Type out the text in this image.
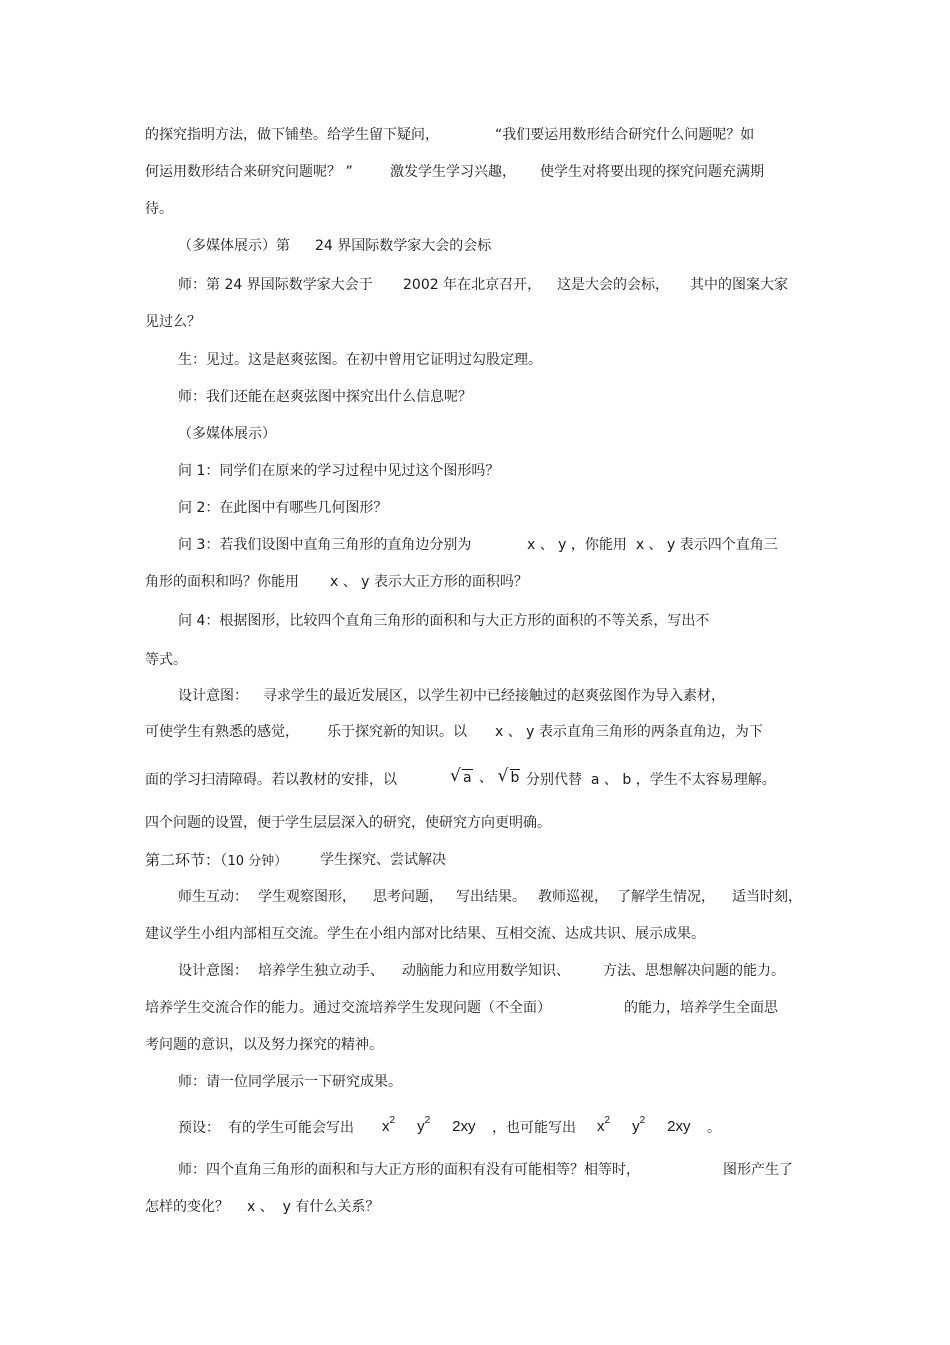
的探究指明方法，做下铺垫。给学生留下疑问，	“我们要运用数形结合研究什么问题呢？如
何运用数形结合来研究问题呢？ ”	激发学生学习兴趣， 使学生对将要出现的探究问题充满期
待。
（多媒体展示）第 24 界国际数学家大会的会标
师：第 24 界国际数学家大会于 2002 年在北京召开， 这是大会的会标， 其中的图案大家
见过么？
生：见过。这是赵爽弦图。在初中曾用它证明过勾股定理。
师：我们还能在赵爽弦图中探究出什么信息呢？
（多媒体展示）
问 1：同学们在原来的学习过程中见过这个图形吗？
问 2：在此图中有哪些几何图形？
问 3：若我们设图中直角三角形的直角边分别为	x 、 y ，你能用  x 、 y 表示四个直角三
角形的面积和吗？你能用 x 、 y 表示大正方形的面积吗？
问 4：根据图形，比较四个直角三角形的面积和与大正方形的面积的不等关系，写出不
等式。
设计意图： 寻求学生的最近发展区，以学生初中已经接触过的赵爽弦图作为导入素材，
可使学生有熟悉的感觉， 乐于探究新的知识。以 x 、 y 表示直角三角形的两条直角边，为下
面的学习扫清障碍。若以教材的安排，以	√ a 、 √ b 分别代替  a 、 b ，学生不太容易理解。
四个问题的设置，便于学生层层深入的研究，使研究方向更明确。
第二环节：（10 分钟） 学生探究、尝试解决
师生互动： 学生观察图形， 思考问题， 写出结果。 教师巡视， 了解学生情况， 适当时刻，
建议学生小组内部相互交流。学生在小组内部对比结果、互相交流、达成共识、展示成果。
设计意图： 培养学生独立动手、 动脑能力和应用数学知识、 方法、思想解决问题的能力。
培养学生交流合作的能力。通过交流培养学生发现问题（不全面）	的能力，培养学生全面思
考问题的意识，以及努力探究的精神。
师：请一位同学展示一下研究成果。
预设： 有的学生可能会写出 $x^2$ $y^2$ 2xy ，也可能写出 $x^2$ $y^2$ 2xy 。
师：四个直角三角形的面积和与大正方形的面积有没有可能相等？相等时，	图形产生了
怎样的变化？ x 、  y 有什么关系？
